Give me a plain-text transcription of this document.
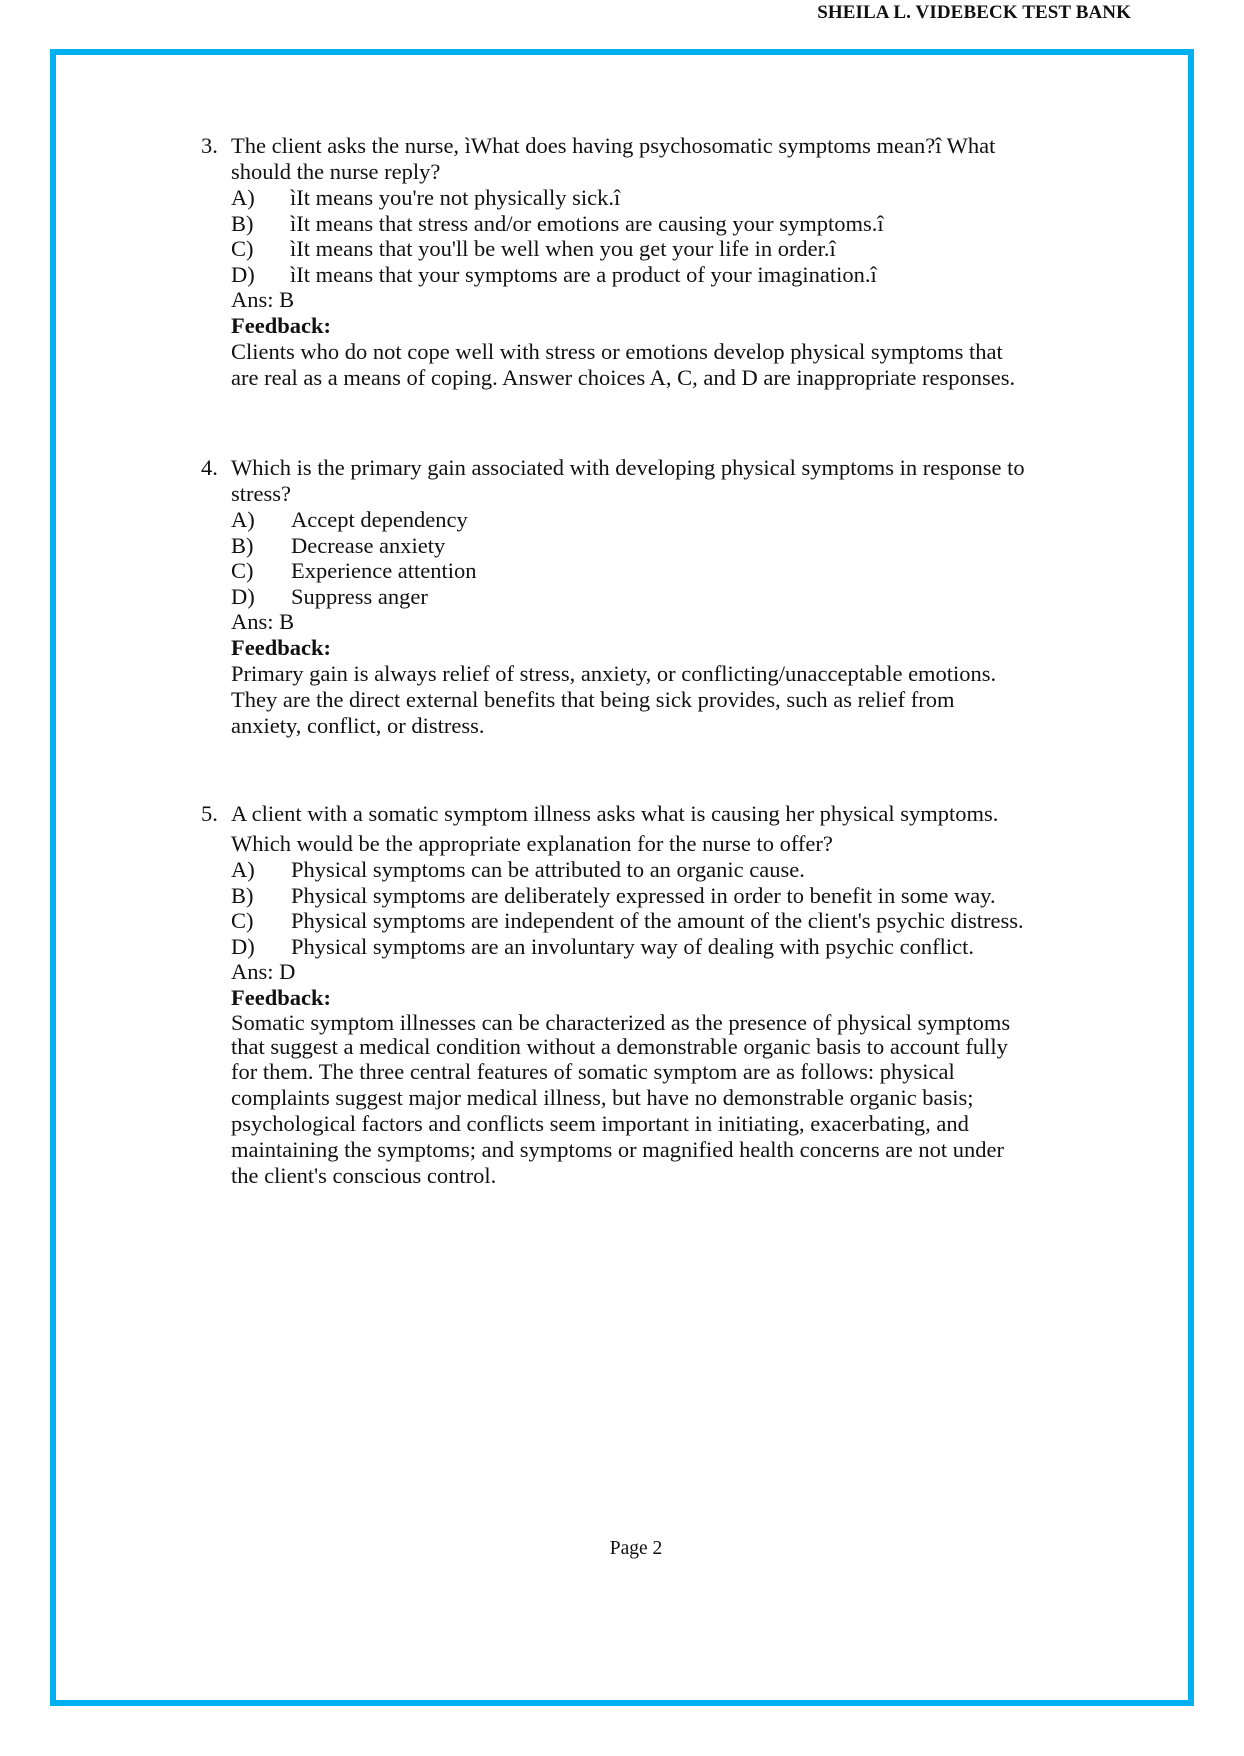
SHEILA L. VIDEBECK TEST BANK
3. The client asks the nurse, ìWhat does having psychosomatic symptoms mean?î What
should the nurse reply?
A) ìIt means you're not physically sick.î
B) ìIt means that stress and/or emotions are causing your symptoms.î
C) ìIt means that you'll be well when you get your life in order.î
D) ìIt means that your symptoms are a product of your imagination.î
Ans: B
Feedback:
Clients who do not cope well with stress or emotions develop physical symptoms that
are real as a means of coping. Answer choices A, C, and D are inappropriate responses.
4. Which is the primary gain associated with developing physical symptoms in response to
stress?
A) Accept dependency
B) Decrease anxiety
C) Experience attention
D) Suppress anger
Ans: B
Feedback:
Primary gain is always relief of stress, anxiety, or conflicting/unacceptable emotions.
They are the direct external benefits that being sick provides, such as relief from
anxiety, conflict, or distress.
5. A client with a somatic symptom illness asks what is causing her physical symptoms.
Which would be the appropriate explanation for the nurse to offer?
A) Physical symptoms can be attributed to an organic cause.
B) Physical symptoms are deliberately expressed in order to benefit in some way.
C) Physical symptoms are independent of the amount of the client's psychic distress.
D) Physical symptoms are an involuntary way of dealing with psychic conflict.
Ans: D
Feedback:
Somatic symptom illnesses can be characterized as the presence of physical symptoms
that suggest a medical condition without a demonstrable organic basis to account fully
for them. The three central features of somatic symptom are as follows: physical
complaints suggest major medical illness, but have no demonstrable organic basis;
psychological factors and conflicts seem important in initiating, exacerbating, and
maintaining the symptoms; and symptoms or magnified health concerns are not under
the client's conscious control.
Page 2
